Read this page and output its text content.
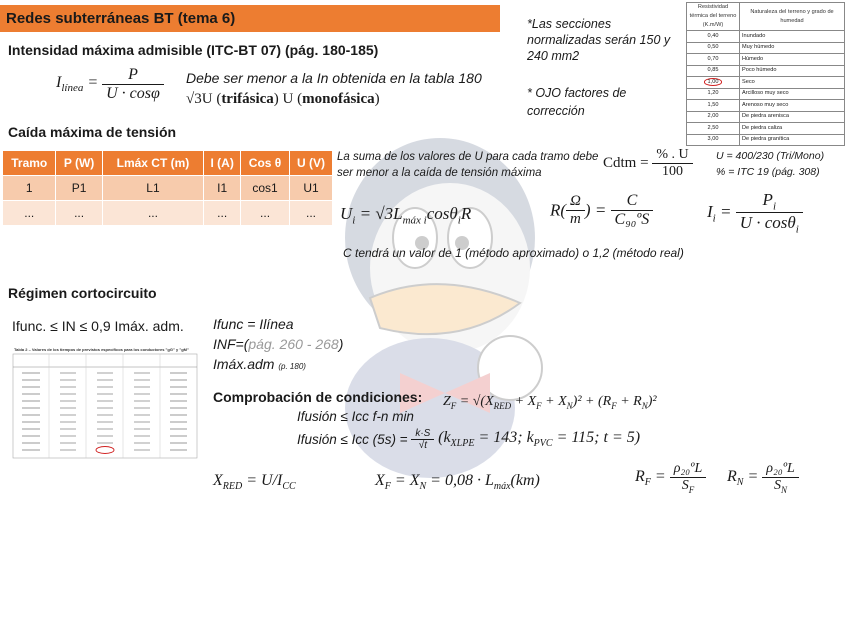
Redes subterráneas BT (tema 6)
Intensidad máxima admisible (ITC-BT 07) (pág. 180-185)
$I_{línea} = \frac{P}{U \cdot \cos\varphi}$ Debe ser menor a la In obtenida en la tabla 180
√3U (trifásica) U (monofásica)
*Las secciones normalizadas serán 150 y 240 mm2
* OJO factores de corrección
Resistividad térmica del terreno (K.m/W)	Naturaleza del terreno y grado de humedad
0,40	Inundado
0,50	Muy húmedo
0,70	Húmedo
0,85	Poco húmedo
1,00	Seco
1,20	Arcilloso muy seco
1,50	Arenoso muy seco
2,00	De piedra arenisca
2,50	De piedra caliza
3,00	De piedra granítica
Caída máxima de tensión
Tramo	P (W)	Lmáx CT (m)	I (A)	Cos θ	U (V)
1	P1	L1	I1	cos1	U1
...	...	...	...	...	...
La suma de los valores de U para cada tramo debe ser menor a la caída de tensión máxima
Cdtm = $\frac{\% . U}{100}$ U = 400/230 (Tri/Mono)
% = ITC 19 (pág. 308)
$U_i = √3L_{máx i}\cos\theta_iR$	$R( \frac{\Omega}{m}$ ) = $\frac{C}{\text{C₉₀ºS}}$	$I_i = \frac{P_i}{U \cdot \cos\theta_i}$
C tendrá un valor de 1 (método aproximado) o 1,2 (método real)
Régimen cortocircuito
Ifunc. ≤ IN ≤ 0,9 Imáx. adm.
Tabla 2 – Valores de los tiempos de previstos específicos para los conductores "gG" y "gM"
Ifunc = Ilínea
INF=(pág. 260 - 268)
Imáx.adm (p. 180)
Comprobación de condiciones:
Ifusión ≤ Icc f-n min
Ifusión ≤ Icc $(5s) = \frac{k\cdot S}{√t} (k_{XLPE} = 143$; $k_{PVC} = 115$; t = 5)
$Z_F = √(X_{RED} + X_F + X_N)^2 + (R_F + R_N)^2$
$X_{RED} = U/I_{CC}$	$X_F = X_N = 0,08 \cdot L_{máx}(km)$	$R_F = \frac{\text{ρ₂₀ºL}}{S_F} R_N = \frac{\text{ρ₂₀ºL}}{S_N}$
